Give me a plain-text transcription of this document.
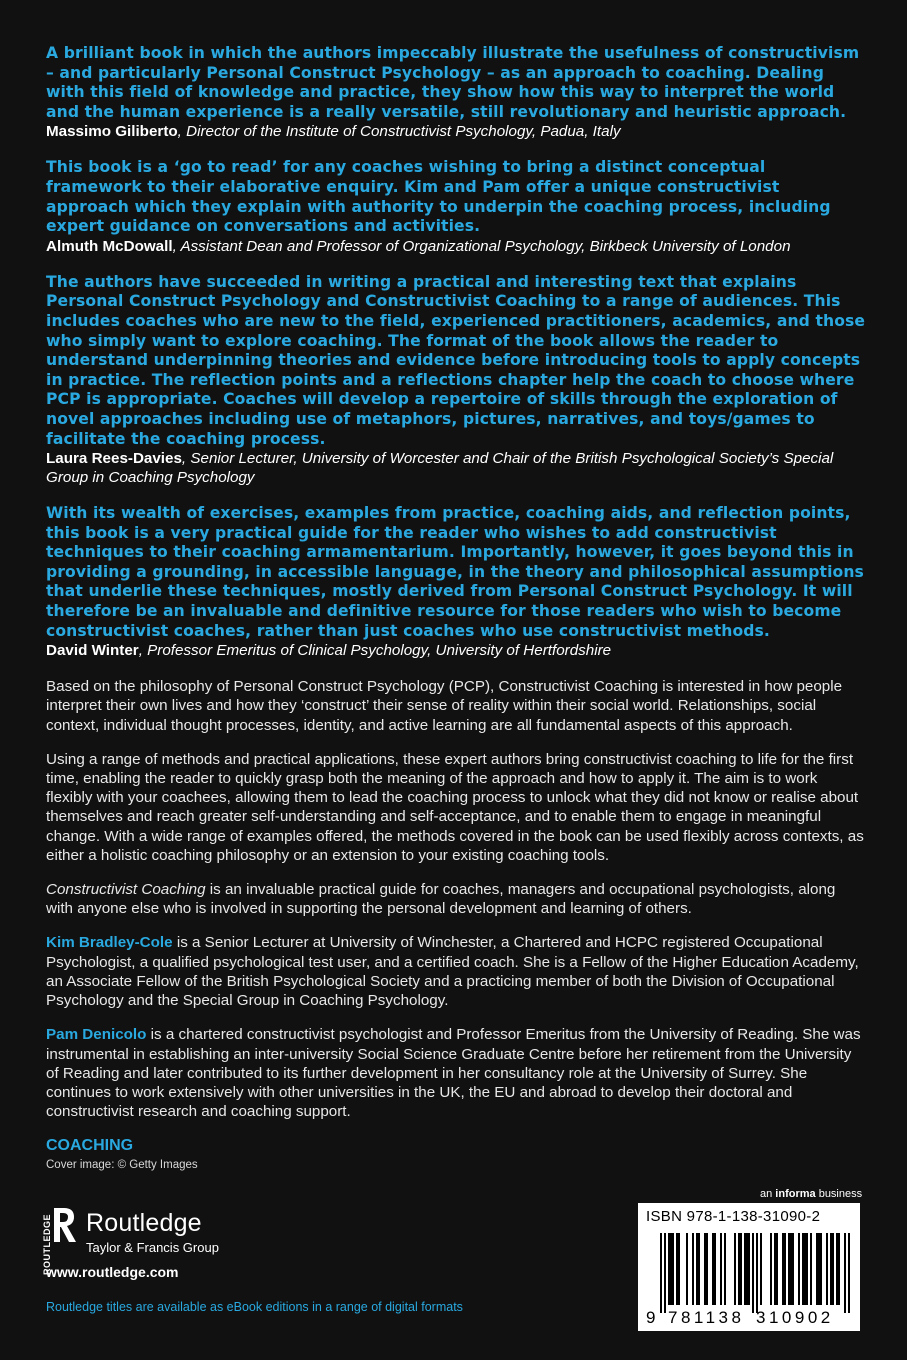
A brilliant book in which the authors impeccably illustrate the usefulness of constructivism – and particularly Personal Construct Psychology – as an approach to coaching. Dealing with this field of knowledge and practice, they show how this way to interpret the world and the human experience is a really versatile, still revolutionary and heuristic approach.

Massimo Giliberto, Director of the Institute of Constructivist Psychology, Padua, Italy

This book is a ‘go to read’ for any coaches wishing to bring a distinct conceptual framework to their elaborative enquiry. Kim and Pam offer a unique constructivist approach which they explain with authority to underpin the coaching process, including expert guidance on conversations and activities.

Almuth McDowall, Assistant Dean and Professor of Organizational Psychology, Birkbeck University of London

The authors have succeeded in writing a practical and interesting text that explains Personal Construct Psychology and Constructivist Coaching to a range of audiences. This includes coaches who are new to the field, experienced practitioners, academics, and those who simply want to explore coaching. The format of the book allows the reader to understand underpinning theories and evidence before introducing tools to apply concepts in practice. The reflection points and a reflections chapter help the coach to choose where PCP is appropriate. Coaches will develop a repertoire of skills through the exploration of novel approaches including use of metaphors, pictures, narratives, and toys/games to facilitate the coaching process.

Laura Rees-Davies, Senior Lecturer, University of Worcester and Chair of the British Psychological Society’s Special Group in Coaching Psychology

With its wealth of exercises, examples from practice, coaching aids, and reflection points, this book is a very practical guide for the reader who wishes to add constructivist techniques to their coaching armamentarium. Importantly, however, it goes beyond this in providing a grounding, in accessible language, in the theory and philosophical assumptions that underlie these techniques, mostly derived from Personal Construct Psychology. It will therefore be an invaluable and definitive resource for those readers who wish to become constructivist coaches, rather than just coaches who use constructivist methods.

David Winter, Professor Emeritus of Clinical Psychology, University of Hertfordshire

Based on the philosophy of Personal Construct Psychology (PCP), Constructivist Coaching is interested in how people interpret their own lives and how they ‘construct’ their sense of reality within their social world. Relationships, social context, individual thought processes, identity, and active learning are all fundamental aspects of this approach.

Using a range of methods and practical applications, these expert authors bring constructivist coaching to life for the first time, enabling the reader to quickly grasp both the meaning of the approach and how to apply it. The aim is to work flexibly with your coachees, allowing them to lead the coaching process to unlock what they did not know or realise about themselves and reach greater self-understanding and self-acceptance, and to enable them to engage in meaningful change. With a wide range of examples offered, the methods covered in the book can be used flexibly across contexts, as either a holistic coaching philosophy or an extension to your existing coaching tools.

Constructivist Coaching is an invaluable practical guide for coaches, managers and occupational psychologists, along with anyone else who is involved in supporting the personal development and learning of others.

Kim Bradley-Cole is a Senior Lecturer at University of Winchester, a Chartered and HCPC registered Occupational Psychologist, a qualified psychological test user, and a certified coach. She is a Fellow of the Higher Education Academy, an Associate Fellow of the British Psychological Society and a practicing member of both the Division of Occupational Psychology and the Special Group in Coaching Psychology.

Pam Denicolo is a chartered constructivist psychologist and Professor Emeritus from the University of Reading. She was instrumental in establishing an inter-university Social Science Graduate Centre before her retirement from the University of Reading and later contributed to its further development in her consultancy role at the University of Surrey. She continues to work extensively with other universities in the UK, the EU and abroad to develop their doctoral and constructivist research and coaching support.

COACHING

Cover image: © Getty Images

ROUTLEDGE Routledge
Taylor & Francis Group
www.routledge.com
Routledge titles are available as eBook editions in a range of digital formats
an informa business
ISBN 978-1-138-31090-2
9 781138 310902
